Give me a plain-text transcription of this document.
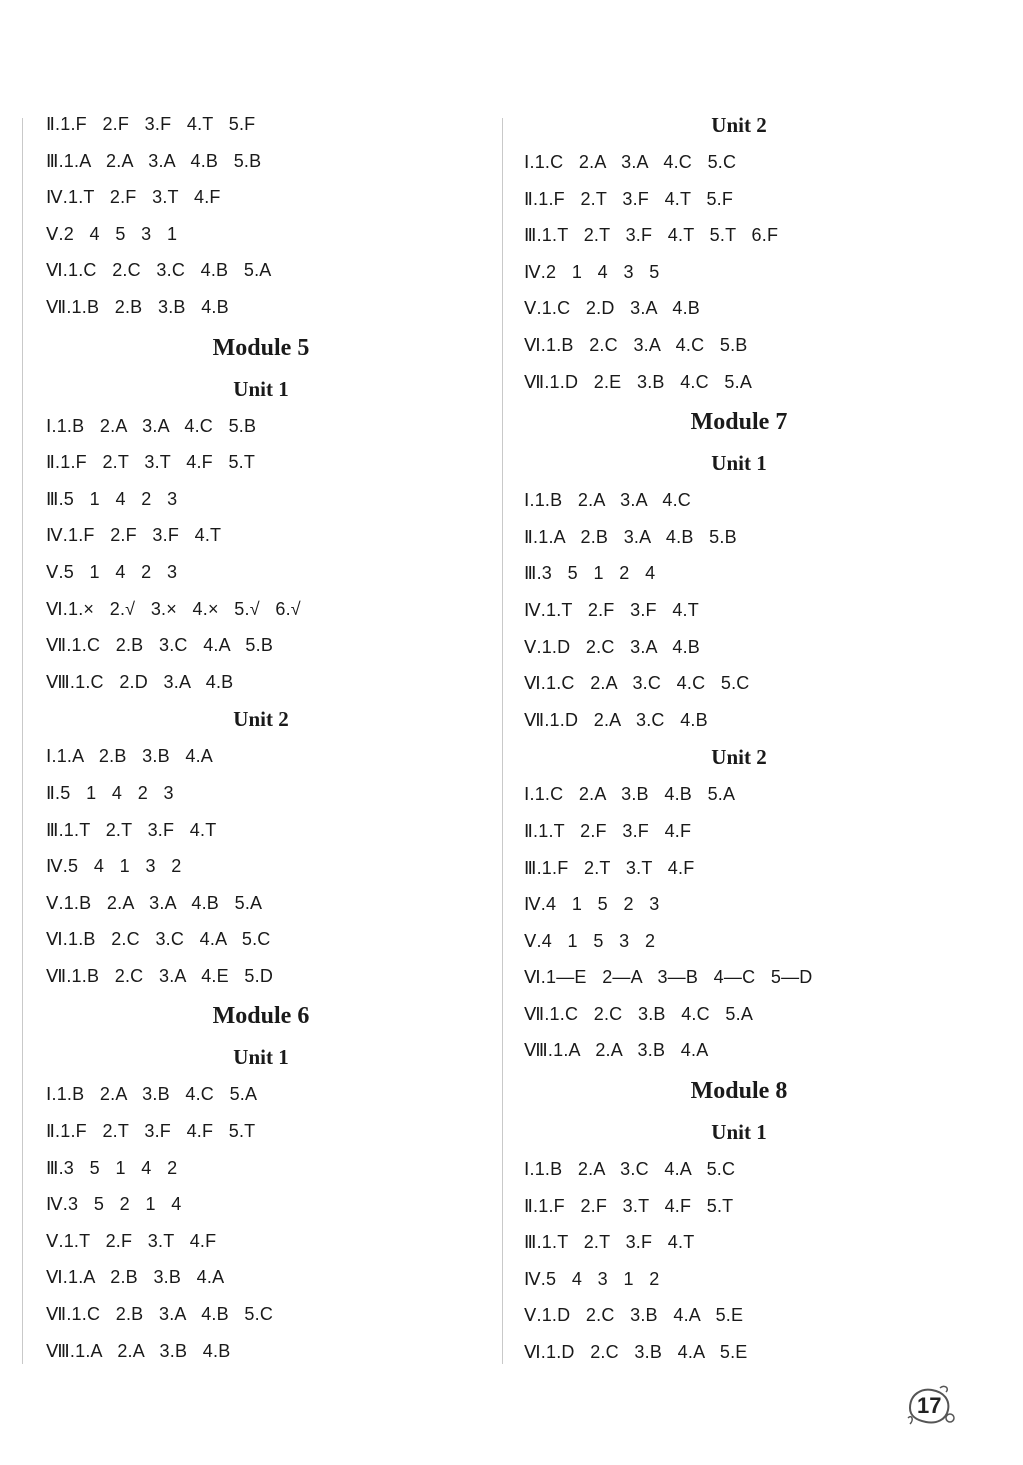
Ⅱ.1.F   2.F   3.F   4.T   5.F
Ⅲ.1.A   2.A   3.A   4.B   5.B
Ⅳ.1.T   2.F   3.T   4.F
Ⅴ.2   4   5   3   1
Ⅵ.1.C   2.C   3.C   4.B   5.A
Ⅶ.1.B   2.B   3.B   4.B
Module 5
Unit 1
Ⅰ.1.B   2.A   3.A   4.C   5.B
Ⅱ.1.F   2.T   3.T   4.F   5.T
Ⅲ.5   1   4   2   3
Ⅳ.1.F   2.F   3.F   4.T
Ⅴ.5   1   4   2   3
Ⅵ.1.×   2.√   3.×   4.×   5.√   6.√
Ⅶ.1.C   2.B   3.C   4.A   5.B
Ⅷ.1.C   2.D   3.A   4.B
Unit 2
Ⅰ.1.A   2.B   3.B   4.A
Ⅱ.5   1   4   2   3
Ⅲ.1.T   2.T   3.F   4.T
Ⅳ.5   4   1   3   2
Ⅴ.1.B   2.A   3.A   4.B   5.A
Ⅵ.1.B   2.C   3.C   4.A   5.C
Ⅶ.1.B   2.C   3.A   4.E   5.D
Module 6
Unit 1
Ⅰ.1.B   2.A   3.B   4.C   5.A
Ⅱ.1.F   2.T   3.F   4.F   5.T
Ⅲ.3   5   1   4   2
Ⅳ.3   5   2   1   4
Ⅴ.1.T   2.F   3.T   4.F
Ⅵ.1.A   2.B   3.B   4.A
Ⅶ.1.C   2.B   3.A   4.B   5.C
Ⅷ.1.A   2.A   3.B   4.B
Unit 2
Ⅰ.1.C   2.A   3.A   4.C   5.C
Ⅱ.1.F   2.T   3.F   4.T   5.F
Ⅲ.1.T   2.T   3.F   4.T   5.T   6.F
Ⅳ.2   1   4   3   5
Ⅴ.1.C   2.D   3.A   4.B
Ⅵ.1.B   2.C   3.A   4.C   5.B
Ⅶ.1.D   2.E   3.B   4.C   5.A
Module 7
Unit 1
Ⅰ.1.B   2.A   3.A   4.C
Ⅱ.1.A   2.B   3.A   4.B   5.B
Ⅲ.3   5   1   2   4
Ⅳ.1.T   2.F   3.F   4.T
Ⅴ.1.D   2.C   3.A   4.B
Ⅵ.1.C   2.A   3.C   4.C   5.C
Ⅶ.1.D   2.A   3.C   4.B
Unit 2
Ⅰ.1.C   2.A   3.B   4.B   5.A
Ⅱ.1.T   2.F   3.F   4.F
Ⅲ.1.F   2.T   3.T   4.F
Ⅳ.4   1   5   2   3
Ⅴ.4   1   5   3   2
Ⅵ.1—E   2—A   3—B   4—C   5—D
Ⅶ.1.C   2.C   3.B   4.C   5.A
Ⅷ.1.A   2.A   3.B   4.A
Module 8
Unit 1
Ⅰ.1.B   2.A   3.C   4.A   5.C
Ⅱ.1.F   2.F   3.T   4.F   5.T
Ⅲ.1.T   2.T   3.F   4.T
Ⅳ.5   4   3   1   2
Ⅴ.1.D   2.C   3.B   4.A   5.E
Ⅵ.1.D   2.C   3.B   4.A   5.E
17
